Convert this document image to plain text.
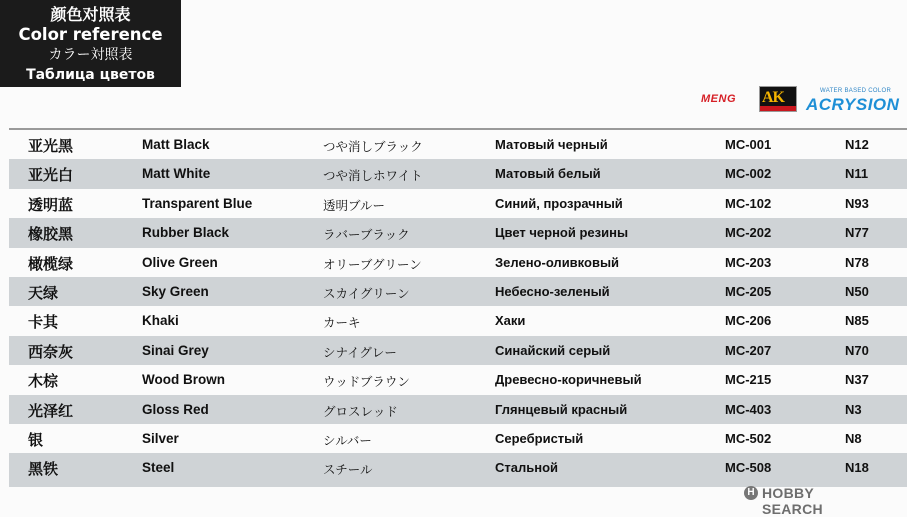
颜色对照表
Color reference
カラー対照表
Таблица цветов
MENG AK	WATER BASED COLOR
ACRYSION
亚光黑	Matt Black	つや消しブラック	Матовый черный	MC-001	N12
亚光白	Matt White	つや消しホワイト	Матовый белый	MC-002	N11
透明蓝	Transparent Blue	透明ブルー	Синий, прозрачный	MC-102	N93
橡胶黑	Rubber Black	ラバーブラック	Цвет черной резины	MC-202	N77
橄榄绿	Olive Green	オリーブグリーン	Зелено-оливковый	MC-203	N78
天绿	Sky Green	スカイグリーン	Небесно-зеленый	MC-205	N50
卡其	Khaki	カーキ	Хаки	MC-206	N85
西奈灰	Sinai Grey	シナイグレー	Синайский серый	MC-207	N70
木棕	Wood Brown	ウッドブラウン	Древесно-коричневый	MC-215	N37
光泽红	Gloss Red	グロスレッド	Глянцевый красный	MC-403	N3
银	Silver	シルバー	Серебристый	MC-502	N8
黑铁	Steel	スチール	Стальной	MC-508	N18
H HOBBY SEARCH
